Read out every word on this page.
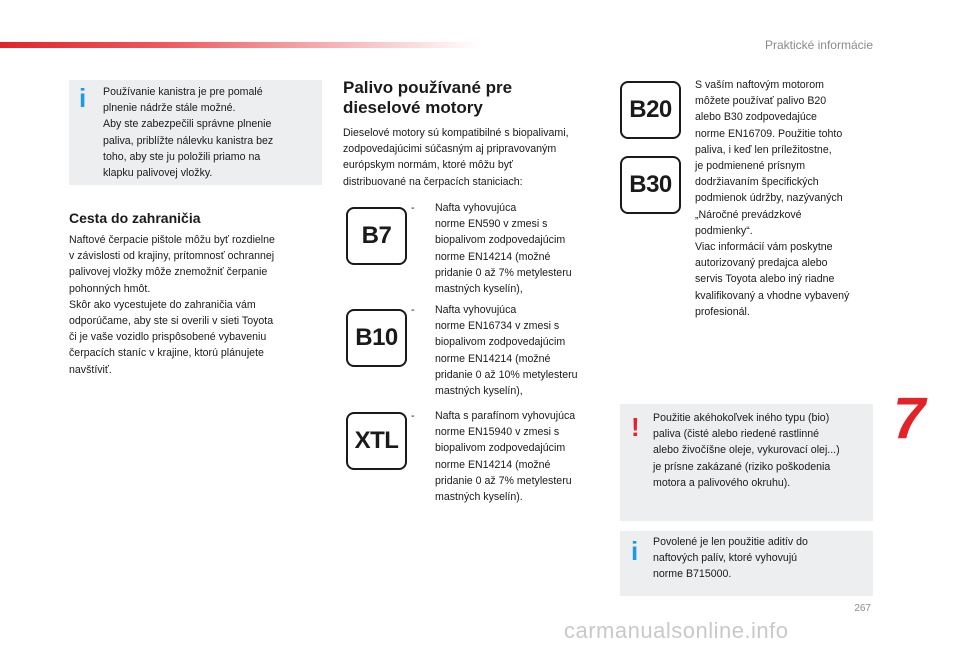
Praktické informácie
i Používanie kanistra je pre pomalé
plnenie nádrže stále možné.
Aby ste zabezpečili správne plnenie
paliva, priblížte nálevku kanistra bez
toho, aby ste ju položili priamo na
klapku palivovej vložky.
Cesta do zahraničia
Naftové čerpacie pištole môžu byť rozdielne
v závislosti od krajiny, prítomnosť ochrannej
palivovej vložky môže znemožniť čerpanie
pohonných hmôt.
Skôr ako vycestujete do zahraničia vám
odporúčame, aby ste si overili v sieti Toyota
či je vaše vozidlo prispôsobené vybaveniu
čerpacích staníc v krajine, ktorú plánujete
navštíviť.
Palivo používané pre
dieselové motory
Dieselové motory sú kompatibilné s biopalivami,
zodpovedajúcimi súčasným aj pripravovaným
európskym normám, ktoré môžu byť
distribuované na čerpacích staniciach:
B7
- Nafta vyhovujúca
norme EN590 v zmesi s
biopalivom zodpovedajúcim
norme EN14214 (možné
pridanie 0 až 7% metylesteru
mastných kyselín),
B10
- Nafta vyhovujúca
norme EN16734 v zmesi s
biopalivom zodpovedajúcim
norme EN14214 (možné
pridanie 0 až 10% metylesteru
mastných kyselín),
XTL
- Nafta s parafínom vyhovujúca
norme EN15940 v zmesi s
biopalivom zodpovedajúcim
norme EN14214 (možné
pridanie 0 až 7% metylesteru
mastných kyselín).
B20
B30
S vaším naftovým motorom
môžete používať palivo B20
alebo B30 zodpovedajúce
norme EN16709. Použitie tohto
paliva, i keď len príležitostne,
je podmienené prísnym
dodržiavaním špecifických
podmienok údržby, nazývaných
„Náročné prevádzkové
podmienky“.
Viac informácií vám poskytne
autorizovaný predajca alebo
servis Toyota alebo iný riadne
kvalifikovaný a vhodne vybavený
profesionál.
! Použitie akéhokoľvek iného typu (bio)
paliva (čisté alebo riedené rastlinné
alebo živočíšne oleje, vykurovací olej...)
je prísne zakázané (riziko poškodenia
motora a palivového okruhu).
i Povolené je len použitie aditív do
naftových palív, ktoré vyhovujú
norme B715000.
7
267
carmanualsonline.info
